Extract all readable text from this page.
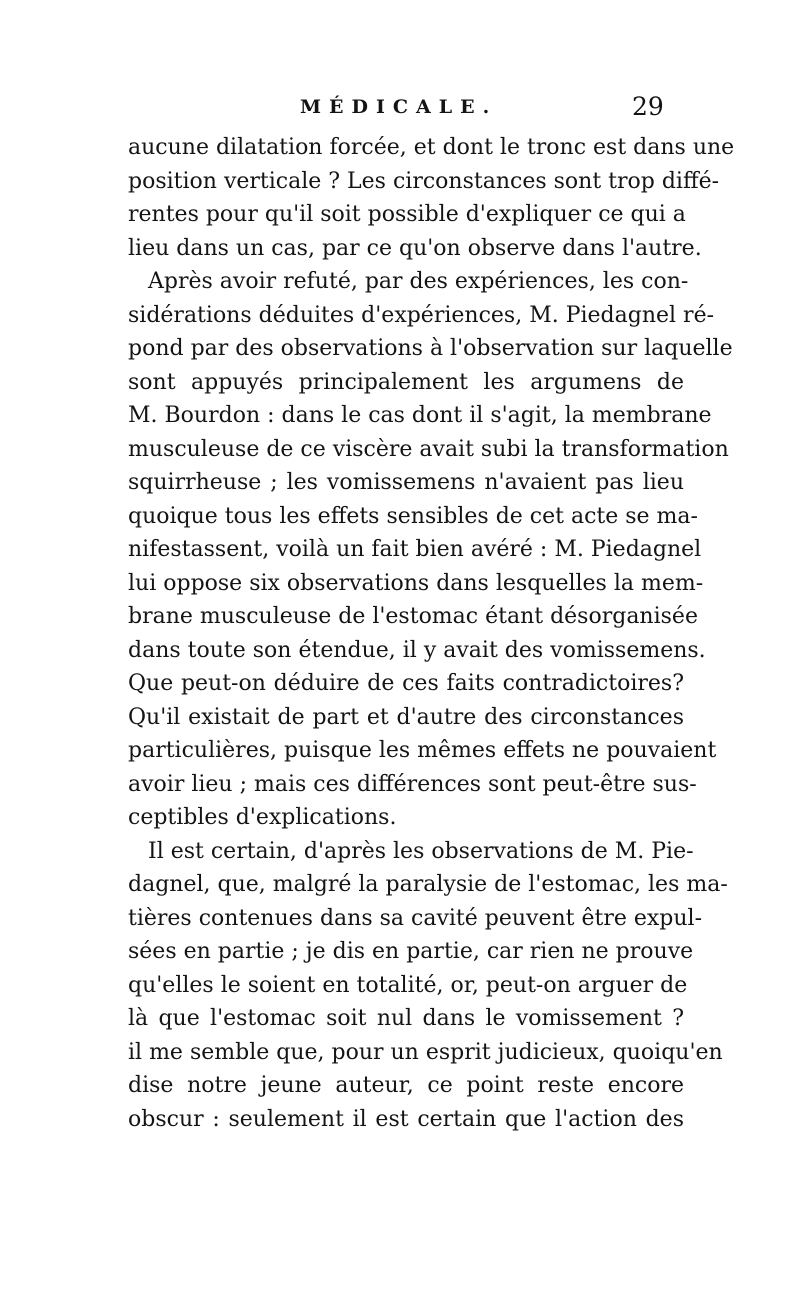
MÉDICALE.	29
aucune dilatation forcée, et dont le tronc est dans une
position verticale ? Les circonstances sont trop diffé-
rentes pour qu'il soit possible d'expliquer ce qui a
lieu dans un cas, par ce qu'on observe dans l'autre.
Après avoir refuté, par des expériences, les con-
sidérations déduites d'expériences, M. Piedagnel ré-
pond par des observations à l'observation sur laquelle
sont appuyés principalement les argumens de
M. Bourdon : dans le cas dont il s'agit, la membrane
musculeuse de ce viscère avait subi la transformation
squirrheuse ; les vomissemens n'avaient pas lieu
quoique tous les effets sensibles de cet acte se ma-
nifestassent, voilà un fait bien avéré : M. Piedagnel
lui oppose six observations dans lesquelles la mem-
brane musculeuse de l'estomac étant désorganisée
dans toute son étendue, il y avait des vomissemens.
Que peut-on déduire de ces faits contradictoires?
Qu'il existait de part et d'autre des circonstances
particulières, puisque les mêmes effets ne pouvaient
avoir lieu ; mais ces différences sont peut-être sus-
ceptibles d'explications.
Il est certain, d'après les observations de M. Pie-
dagnel, que, malgré la paralysie de l'estomac, les ma-
tières contenues dans sa cavité peuvent être expul-
sées en partie ; je dis en partie, car rien ne prouve
qu'elles le soient en totalité, or, peut-on arguer de
là que l'estomac soit nul dans le vomissement ?
il me semble que, pour un esprit judicieux, quoiqu'en
dise notre jeune auteur, ce point reste encore
obscur : seulement il est certain que l'action des
